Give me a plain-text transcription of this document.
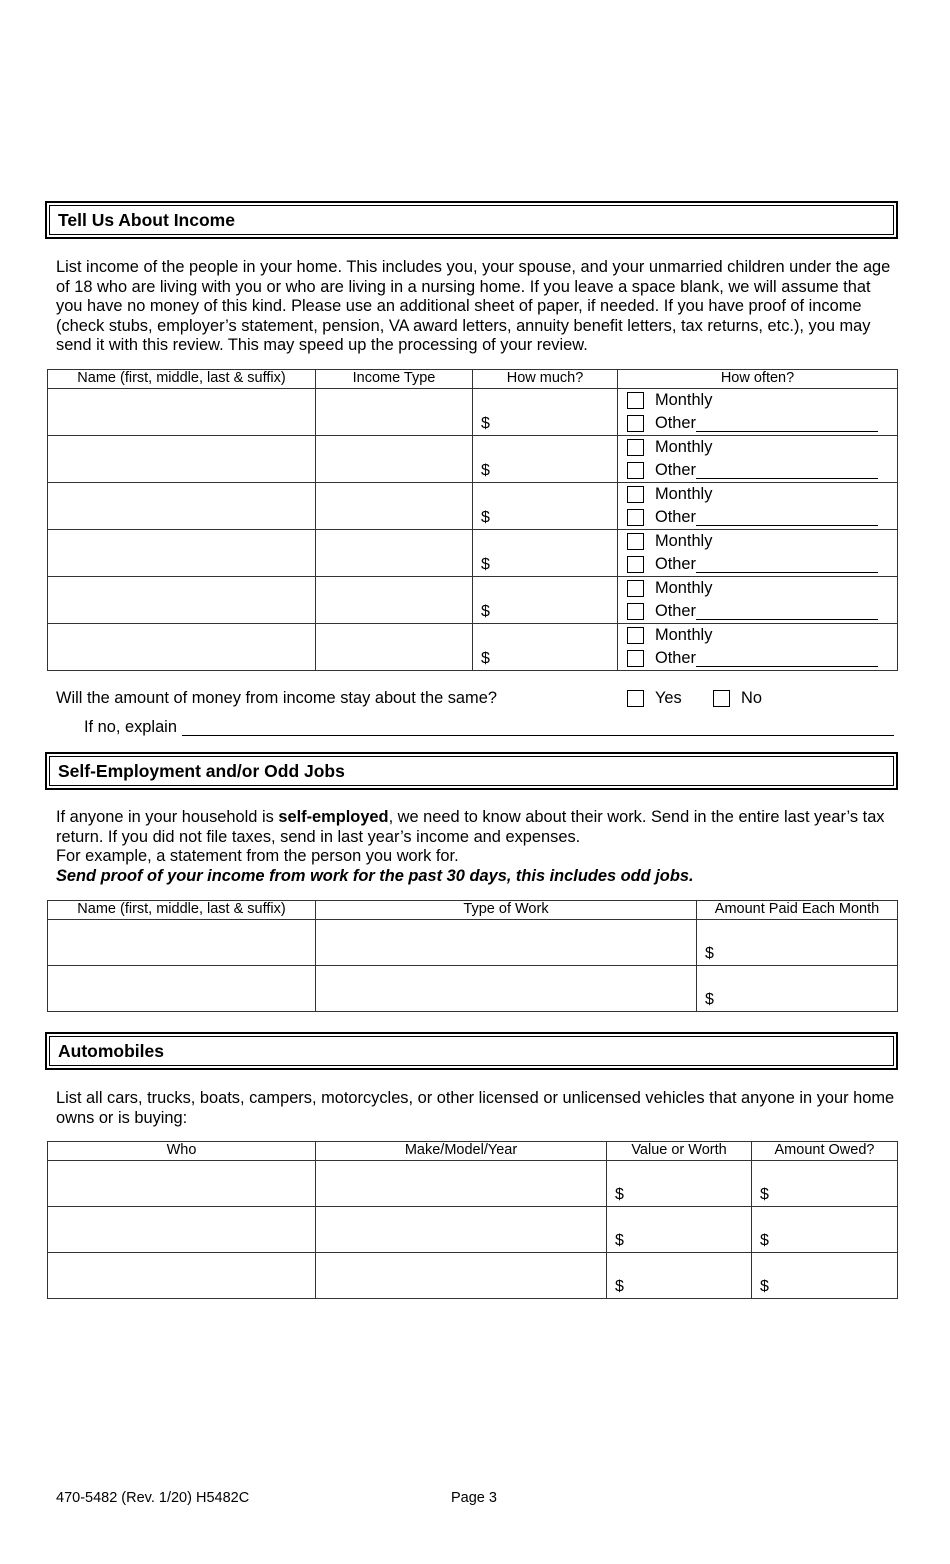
Tell Us About Income
List income of the people in your home. This includes you, your spouse, and your unmarried children under the age of 18 who are living with you or who are living in a nursing home. If you leave a space blank, we will assume that you have no money of this kind. Please use an additional sheet of paper, if needed. If you have proof of income (check stubs, employer’s statement, pension, VA award letters, annuity benefit letters, tax returns, etc.), you may send it with this review. This may speed up the processing of your review.
Name (first, middle, last & suffix)	Income Type	How much?	How often?

		$	Monthly
Other

		$	Monthly
Other

		$	Monthly
Other

		$	Monthly
Other

		$	Monthly
Other

		$	Monthly
Other
Will the amount of money from income stay about the same?	Yes	No
If no, explain
Self-Employment and/or Odd Jobs
If anyone in your household is self-employed, we need to know about their work. Send in the entire last year’s tax return. If you did not file taxes, send in last year’s income and expenses.
For example, a statement from the person you work for.
Send proof of your income from work for the past 30 days, this includes odd jobs.
Name (first, middle, last & suffix)	Type of Work	Amount Paid Each Month

		$

		$
Automobiles
List all cars, trucks, boats, campers, motorcycles, or other licensed or unlicensed vehicles that anyone in your home owns or is buying:
Who	Make/Model/Year	Value or Worth	Amount Owed?

		$	$

		$	$

		$	$
470-5482 (Rev. 1/20) H5482C	Page 3
